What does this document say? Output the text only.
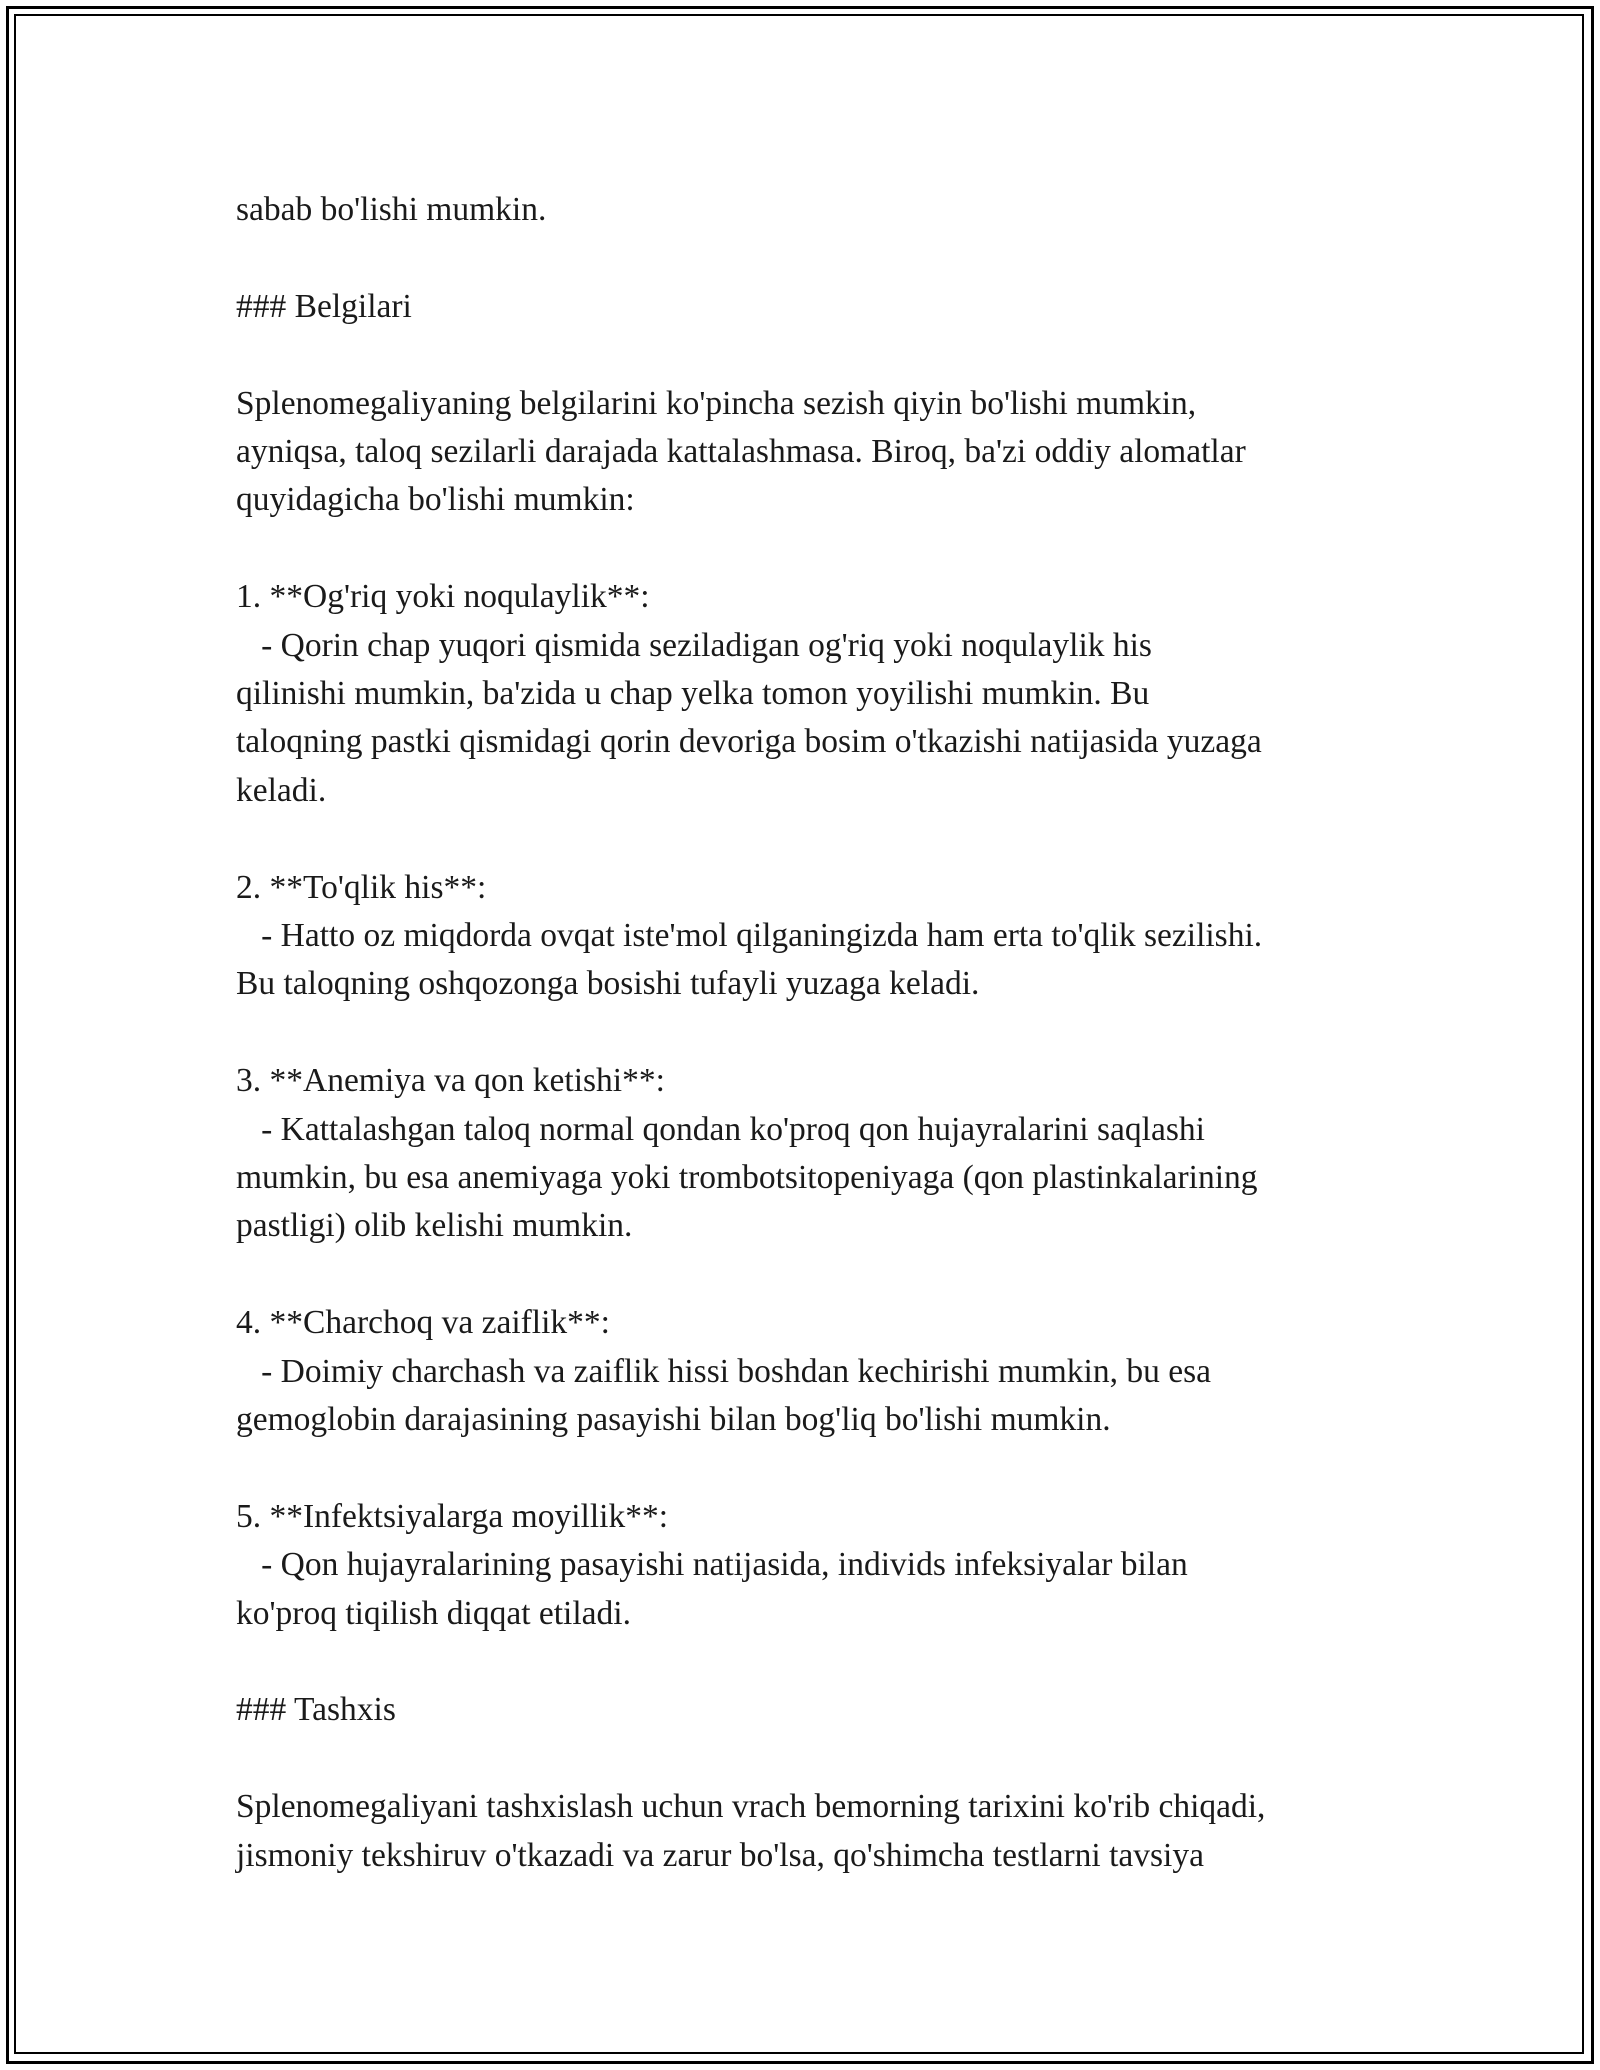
sabab bo'lishi mumkin.

### Belgilari

Splenomegaliyaning belgilarini ko'pincha sezish qiyin bo'lishi mumkin,

ayniqsa, taloq sezilarli darajada kattalashmasa. Biroq, ba'zi oddiy alomatlar

quyidagicha bo'lishi mumkin:

1. **Og'riq yoki noqulaylik**:

- Qorin chap yuqori qismida seziladigan og'riq yoki noqulaylik his

qilinishi mumkin, ba'zida u chap yelka tomon yoyilishi mumkin. Bu

taloqning pastki qismidagi qorin devoriga bosim o'tkazishi natijasida yuzaga

keladi.

2. **To'qlik his**:

- Hatto oz miqdorda ovqat iste'mol qilganingizda ham erta to'qlik sezilishi.

Bu taloqning oshqozonga bosishi tufayli yuzaga keladi.

3. **Anemiya va qon ketishi**:

- Kattalashgan taloq normal qondan ko'proq qon hujayralarini saqlashi

mumkin, bu esa anemiyaga yoki trombotsitopeniyaga (qon plastinkalarining

pastligi) olib kelishi mumkin.

4. **Charchoq va zaiflik**:

- Doimiy charchash va zaiflik hissi boshdan kechirishi mumkin, bu esa

gemoglobin darajasining pasayishi bilan bog'liq bo'lishi mumkin.

5. **Infektsiyalarga moyillik**:

- Qon hujayralarining pasayishi natijasida, individs infeksiyalar bilan

ko'proq tiqilish diqqat etiladi.

### Tashxis

Splenomegaliyani tashxislash uchun vrach bemorning tarixini ko'rib chiqadi,

jismoniy tekshiruv o'tkazadi va zarur bo'lsa, qo'shimcha testlarni tavsiya
